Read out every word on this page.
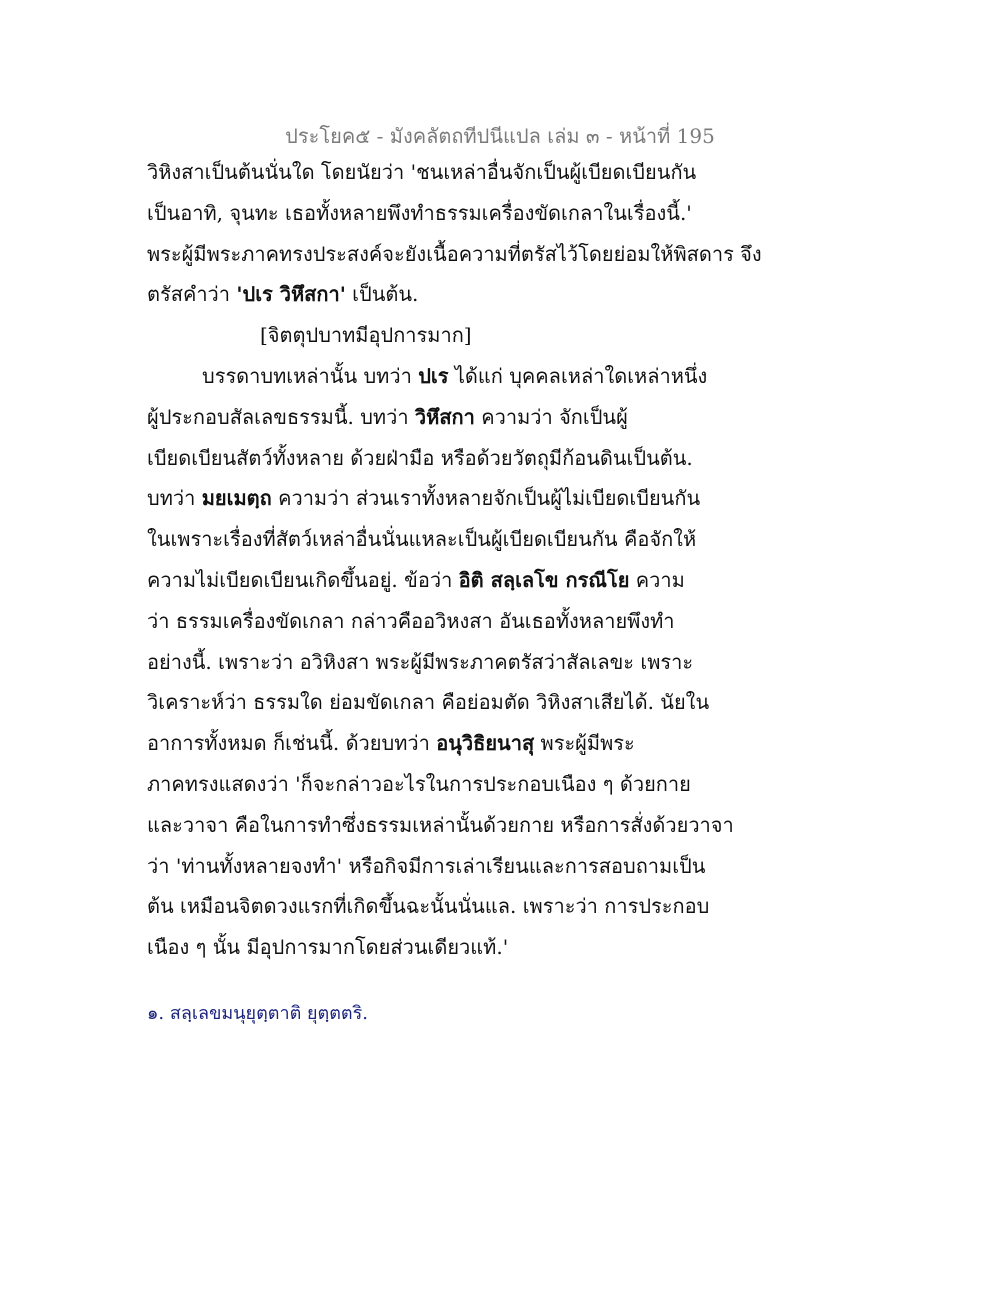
ประโยค๕ - มังคลัตถทีปนีแปล เล่ม ๓ - หน้าที่ 195
วิหิงสาเป็นต้นนั่นใด โดยนัยว่า 'ชนเหล่าอื่นจักเป็นผู้เบียดเบียนกัน
เป็นอาทิ, จุนทะ เธอทั้งหลายพึงทำธรรมเครื่องขัดเกลาในเรื่องนี้.'
พระผู้มีพระภาคทรงประสงค์จะยังเนื้อความที่ตรัสไว้โดยย่อมให้พิสดาร จึง
ตรัสคำว่า 'ปเร วิหึสกา' เป็นต้น.
[จิตตุปบาทมีอุปการมาก]
บรรดาบทเหล่านั้น บทว่า ปเร ได้แก่ บุคคลเหล่าใดเหล่าหนึ่ง
ผู้ประกอบสัลเลขธรรมนี้. บทว่า วิหึสกา ความว่า จักเป็นผู้
เบียดเบียนสัตว์ทั้งหลาย ด้วยฝ่ามือ หรือด้วยวัตถุมีก้อนดินเป็นต้น.
บทว่า มยเมตฺถ ความว่า ส่วนเราทั้งหลายจักเป็นผู้ไม่เบียดเบียนกัน
ในเพราะเรื่องที่สัตว์เหล่าอื่นนั่นแหละเป็นผู้เบียดเบียนกัน คือจักให้
ความไม่เบียดเบียนเกิดขึ้นอยู่. ข้อว่า อิติ สลฺเลโข กรณีโย ความ
ว่า ธรรมเครื่องขัดเกลา กล่าวคืออวิหงสา อันเธอทั้งหลายพึงทำ
อย่างนี้. เพราะว่า อวิหิงสา พระผู้มีพระภาคตรัสว่าสัลเลขะ เพราะ
วิเคราะห์ว่า ธรรมใด ย่อมขัดเกลา คือย่อมตัด วิหิงสาเสียได้. นัยใน
อาการทั้งหมด ก็เช่นนี้. ด้วยบทว่า อนุวิธิยนาสุ พระผู้มีพระ
ภาคทรงแสดงว่า 'ก็จะกล่าวอะไรในการประกอบเนือง ๆ ด้วยกาย
และวาจา คือในการทำซึ่งธรรมเหล่านั้นด้วยกาย หรือการสั่งด้วยวาจา
ว่า 'ท่านทั้งหลายจงทำ' หรือกิจมีการเล่าเรียนและการสอบถามเป็น
ต้น เหมือนจิตดวงแรกที่เกิดขึ้นฉะนั้นนั่นแล. เพราะว่า การประกอบ
เนือง ๆ นั้น มีอุปการมากโดยส่วนเดียวแท้.'
๑. สลฺเลขมนุยุตฺตาติ ยุตฺตตริ.
